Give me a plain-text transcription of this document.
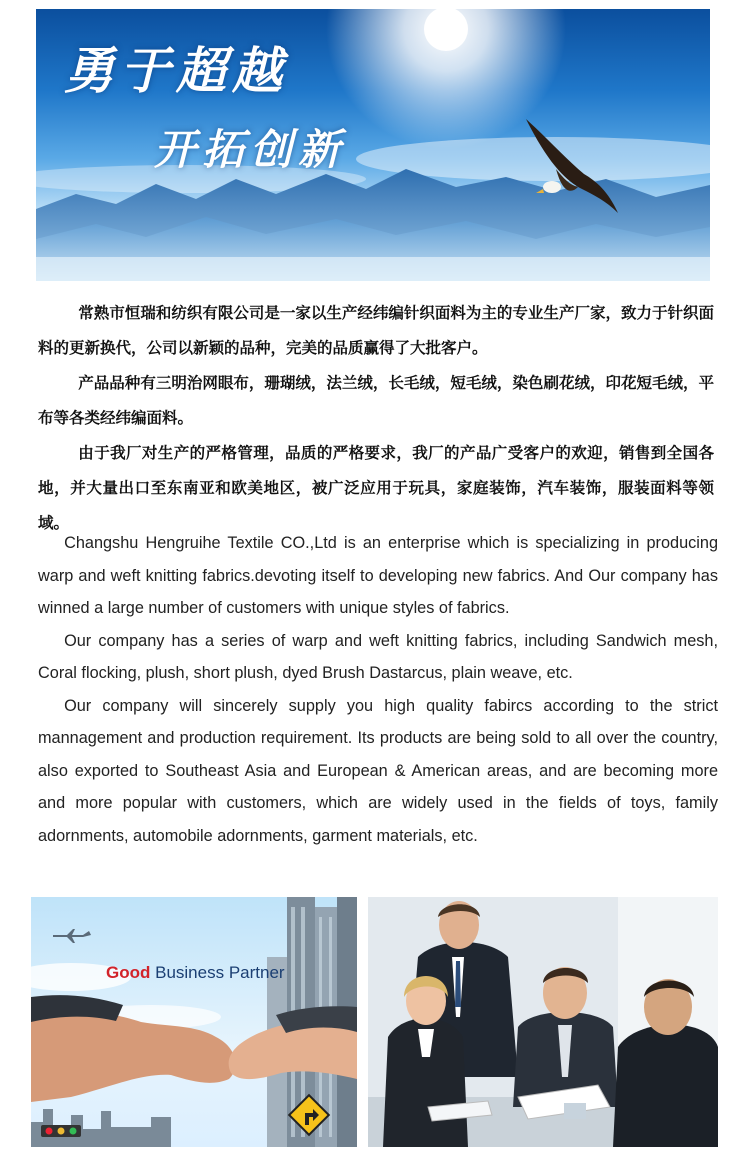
勇于超越
开拓创新

常熟市恒瑞和纺织有限公司是一家以生产经纬编针织面料为主的专业生产厂家，致力于针织面料的更新换代，公司以新颖的品种，完美的品质赢得了大批客户。

产品品种有三明治网眼布，珊瑚绒，法兰绒，长毛绒，短毛绒，染色刷花绒，印花短毛绒，平布等各类经纬编面料。

由于我厂对生产的严格管理，品质的严格要求，我厂的产品广受客户的欢迎，销售到全国各地，并大量出口至东南亚和欧美地区，被广泛应用于玩具，家庭装饰，汽车装饰，服装面料等领域。

Changshu Hengruihe Textile CO.,Ltd is an enterprise which is specializing in producing warp and weft knitting fabrics.devoting itself to developing new fabrics. And Our company has winned a large number of customers with unique styles of fabrics.

Our company has a series of warp and weft knitting fabrics, including Sandwich mesh, Coral flocking, plush, short plush, dyed Brush Dastarcus, plain weave, etc.

Our company will sincerely supply you high quality fabircs according to the strict mannagement and production requirement. Its products are being sold to all over the country, also exported to Southeast Asia and European & American areas, and are becoming more and more popular with customers, which are widely used in the fields of toys, family adornments, automobile adornments, garment materials, etc.

Good Business Partner
